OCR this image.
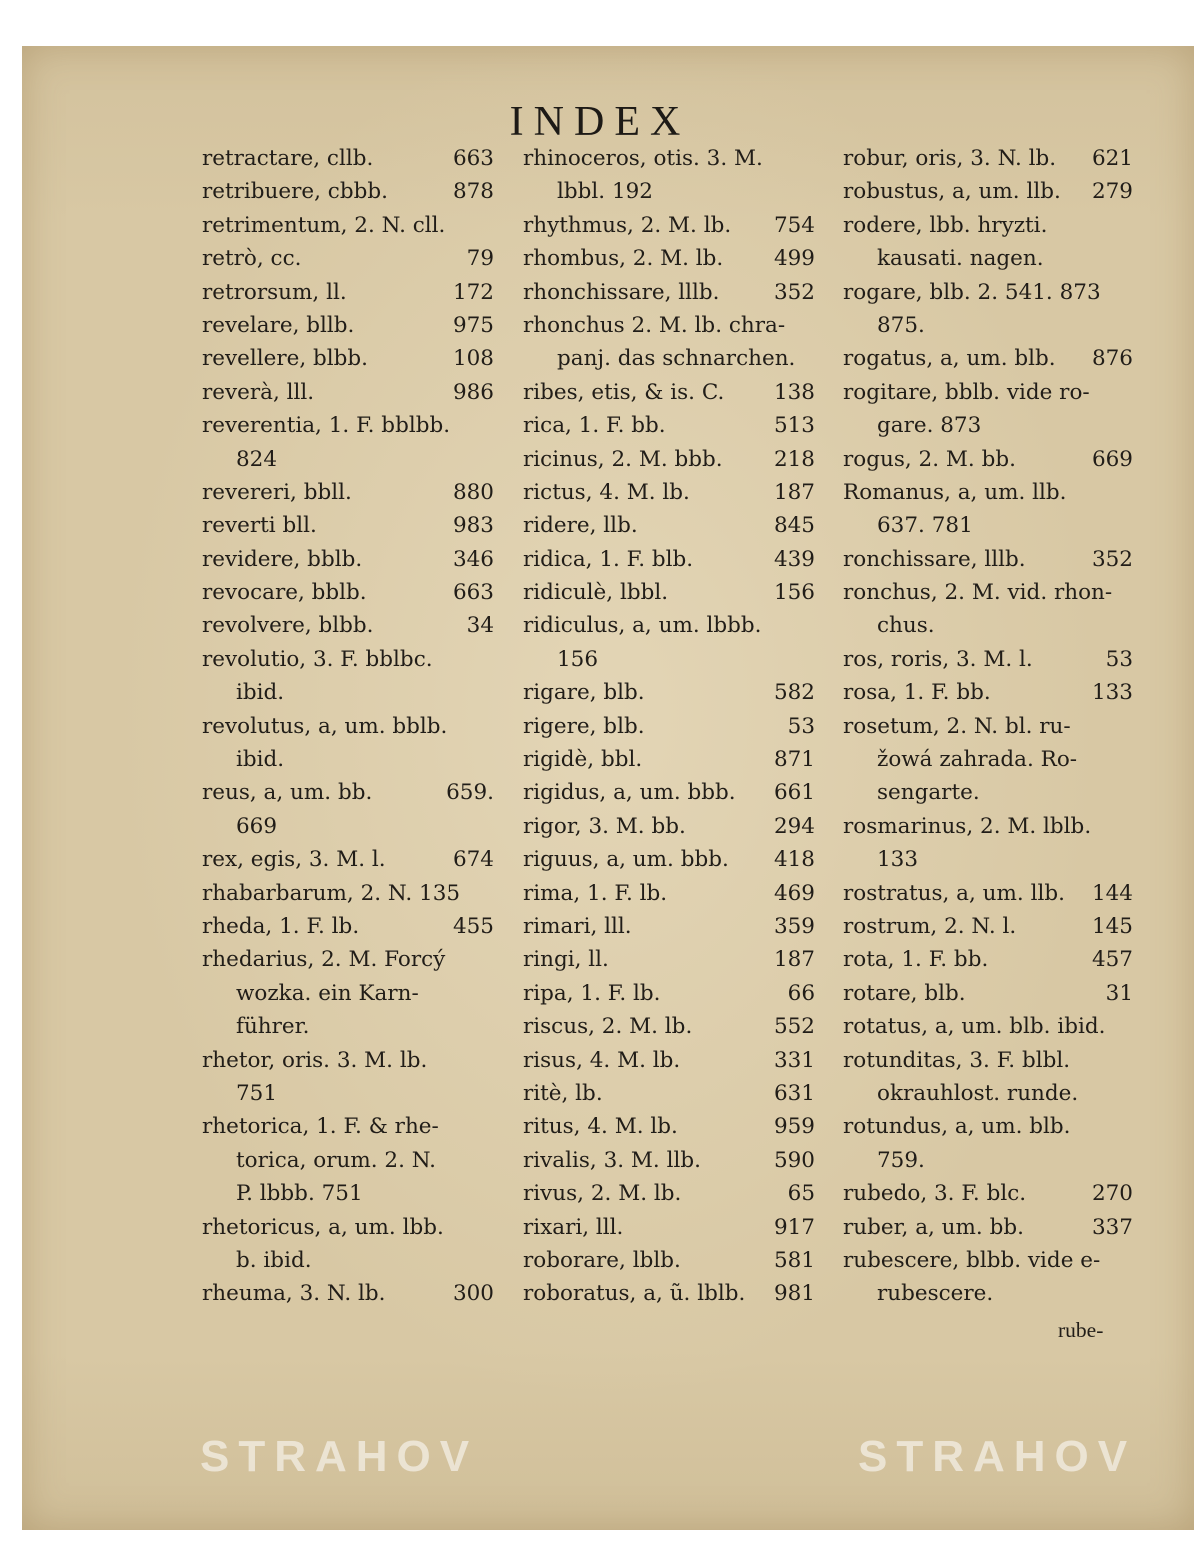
INDEX
retractare, cllb.	663
retribuere, cbbb.	878
retrimentum, 2. N. cll.
retrò, cc.	79
retrorsum, ll.	172
revelare, bllb.	975
revellere, blbb.	108
reverà, lll.	986
reverentia, 1. F. bblbb.
824
revereri, bbll.	880
reverti bll.	983
revidere, bblb.	346
revocare, bblb.	663
revolvere, blbb.	34
revolutio, 3. F. bblbc.
ibid.
revolutus, a, um. bblb.
ibid.
reus, a, um. bb.	659.
669
rex, egis, 3. M. l.	674
rhabarbarum, 2. N. 135
rheda, 1. F. lb.	455
rhedarius, 2. M. Forcý
wozka. ein Karn-
führer.
rhetor, oris. 3. M. lb.
751
rhetorica, 1. F. & rhe-
torica, orum. 2. N.
P. lbbb. 751
rhetoricus, a, um. lbb.
b. ibid.
rheuma, 3. N. lb.	300
rhinoceros, otis. 3. M.
lbbl. 192
rhythmus, 2. M. lb. 754
rhombus, 2. M. lb. 499
rhonchissare, lllb.	352
rhonchus 2. M. lb. chra-
panj. das schnarchen.
ribes, etis, & is. C. 138
rica, 1. F. bb.	513
ricinus, 2. M. bbb. 218
rictus, 4. M. lb.	187
ridere, llb.	845
ridica, 1. F. blb.	439
ridiculè, lbbl.	156
ridiculus, a, um. lbbb.
156
rigare, blb.	582
rigere, blb.	53
rigidè, bbl.	871
rigidus, a, um. bbb. 661
rigor, 3. M. bb.	294
riguus, a, um. bbb. 418
rima, 1. F. lb.	469
rimari, lll.	359
ringi, ll.	187
ripa, 1. F. lb.	66
riscus, 2. M. lb.	552
risus, 4. M. lb.	331
ritè, lb.	631
ritus, 4. M. lb.	959
rivalis, 3. M. llb.	590
rivus, 2. M. lb.	65
rixari, lll.	917
roborare, lblb.	581
roboratus, a, ũ. lblb. 981
robur, oris, 3. N. lb. 621
robustus, a, um. llb. 279
rodere, lbb. hryzti.
kausati. nagen.
rogare, blb. 2. 541. 873
875.
rogatus, a, um. blb. 876
rogitare, bblb. vide ro-
gare. 873
rogus, 2. M. bb.	669
Romanus, a, um. llb.
637. 781
ronchissare, lllb.	352
ronchus, 2. M. vid. rhon-
chus.
ros, roris, 3. M. l.	53
rosa, 1. F. bb.	133
rosetum, 2. N. bl. ru-
žowá zahrada. Ro-
sengarte.
rosmarinus, 2. M. lblb.
133
rostratus, a, um. llb. 144
rostrum, 2. N. l.	145
rota, 1. F. bb.	457
rotare, blb.	31
rotatus, a, um. blb. ibid.
rotunditas, 3. F. blbl.
okrauhlost. runde.
rotundus, a, um. blb.
759.
rubedo, 3. F. blc.	270
ruber, a, um. bb.	337
rubescere, blbb. vide e-
rubescere.
rube-
STRAHOV	STRAHOV
